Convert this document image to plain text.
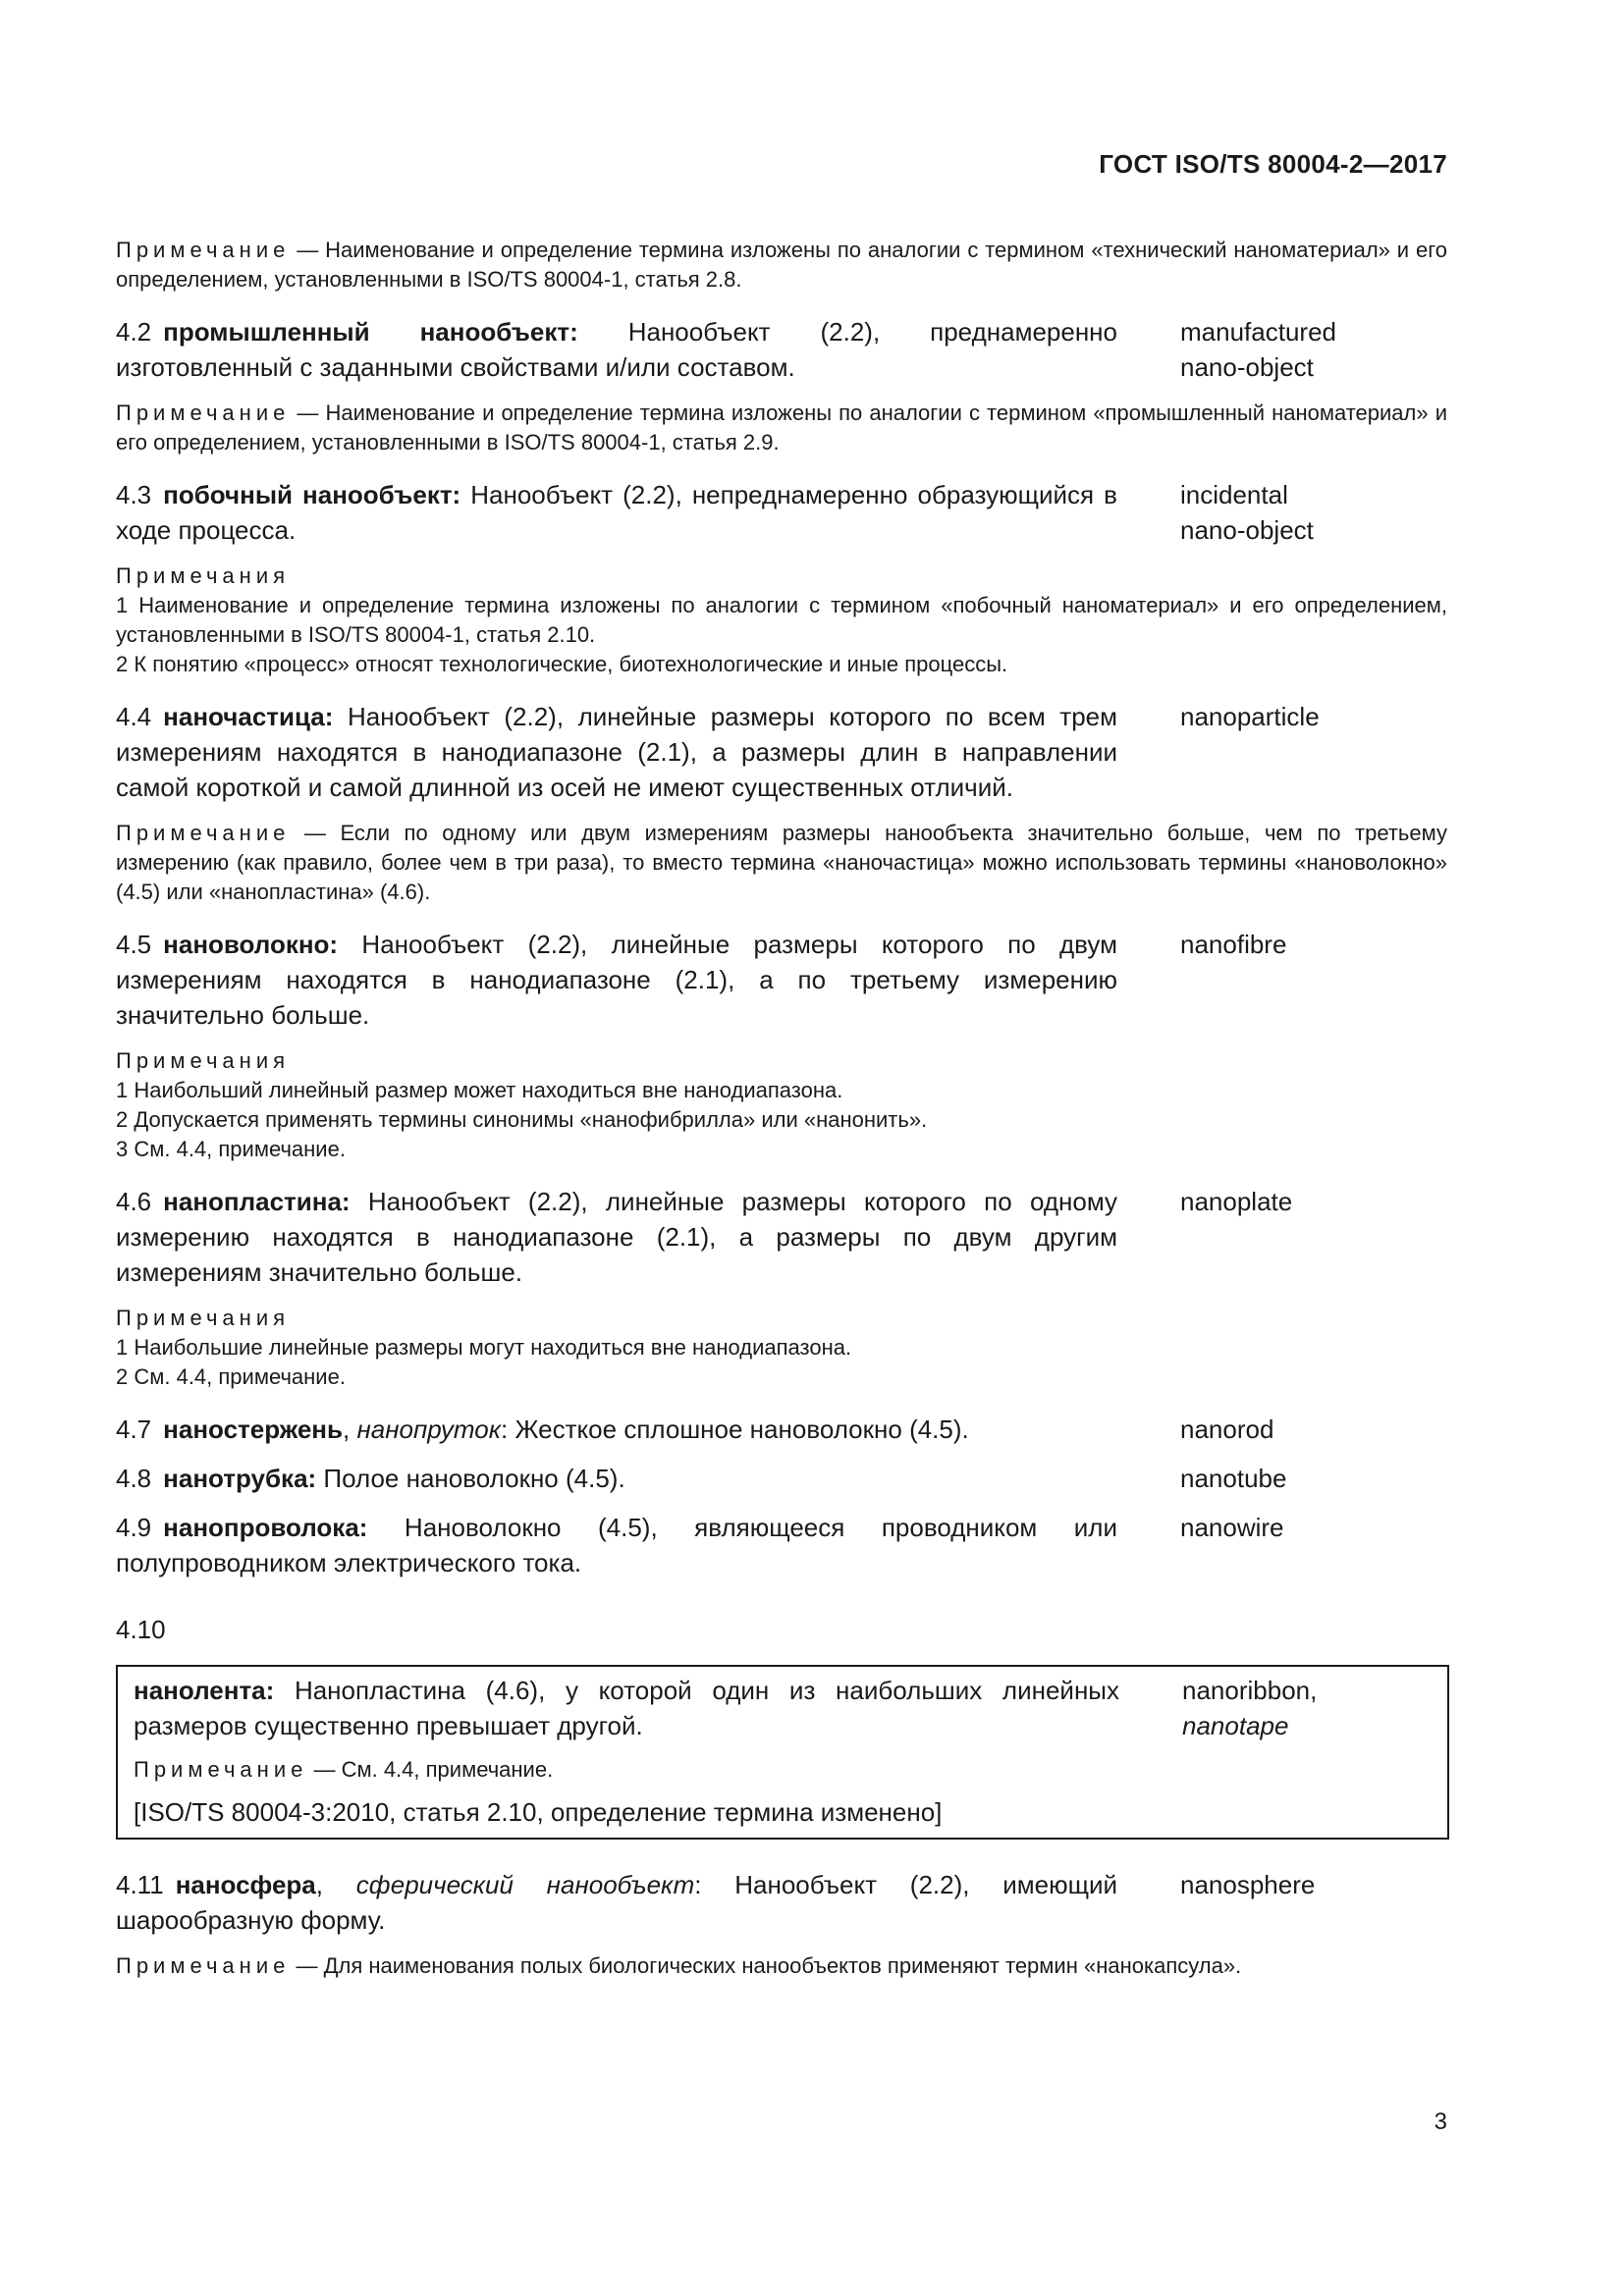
ГОСТ ISO/TS 80004-2—2017

Примечание — Наименование и определение термина изложены по аналогии с термином «технический наноматериал» и его определением, установленными в ISO/TS 80004-1, статья 2.8.

4.2 промышленный нанообъект: Нанообъект (2.2), преднамеренно изготовленный с заданными свойствами и/или составом.
manufactured
nano-object

Примечание — Наименование и определение термина изложены по аналогии с термином «промышленный наноматериал» и его определением, установленными в ISO/TS 80004-1, статья 2.9.

4.3 побочный нанообъект: Нанообъект (2.2), непреднамеренно образующийся в ходе процесса.
incidental
nano-object

Примечания
1 Наименование и определение термина изложены по аналогии с термином «побочный наноматериал» и его определением, установленными в ISO/TS 80004-1, статья 2.10.
2 К понятию «процесс» относят технологические, биотехнологические и иные процессы.

4.4 наночастица: Нанообъект (2.2), линейные размеры которого по всем трем измерениям находятся в нанодиапазоне (2.1), а размеры длин в направлении самой короткой и самой длинной из осей не имеют существенных отличий.
nanoparticle

Примечание — Если по одному или двум измерениям размеры нанообъекта значительно больше, чем по третьему измерению (как правило, более чем в три раза), то вместо термина «наночастица» можно использовать термины «нановолокно» (4.5) или «нанопластина» (4.6).

4.5 нановолокно: Нанообъект (2.2), линейные размеры которого по двум измерениям находятся в нанодиапазоне (2.1), а по третьему измерению значительно больше.
nanofibre

Примечания
1 Наибольший линейный размер может находиться вне нанодиапазона.
2 Допускается применять термины синонимы «нанофибрилла» или «нанонить».
3 См. 4.4, примечание.

4.6 нанопластина: Нанообъект (2.2), линейные размеры которого по одному измерению находятся в нанодиапазоне (2.1), а размеры по двум другим измерениям значительно больше.
nanoplate

Примечания
1 Наибольшие линейные размеры могут находиться вне нанодиапазона.
2 См. 4.4, примечание.

4.7 наностержень, нанопруток: Жесткое сплошное нановолокно (4.5).	nanorod
4.8 нанотрубка: Полое нановолокно (4.5).	nanotube
4.9 нанопроволока: Нановолокно (4.5), являющееся проводником или полупроводником электрического тока.
nanowire
4.10
нанолента: Нанопластина (4.6), у которой один из наибольших линейных размеров существенно превышает другой.
nanoribbon,
nanotape

Примечание — См. 4.4, примечание.

[ISO/TS 80004-3:2010, статья 2.10, определение термина изменено]
4.11 наносфера, сферический нанообъект: Нанообъект (2.2), имеющий шарообразную форму.
nanosphere

Примечание — Для наименования полых биологических нанообъектов применяют термин «нанокапсула».

3
